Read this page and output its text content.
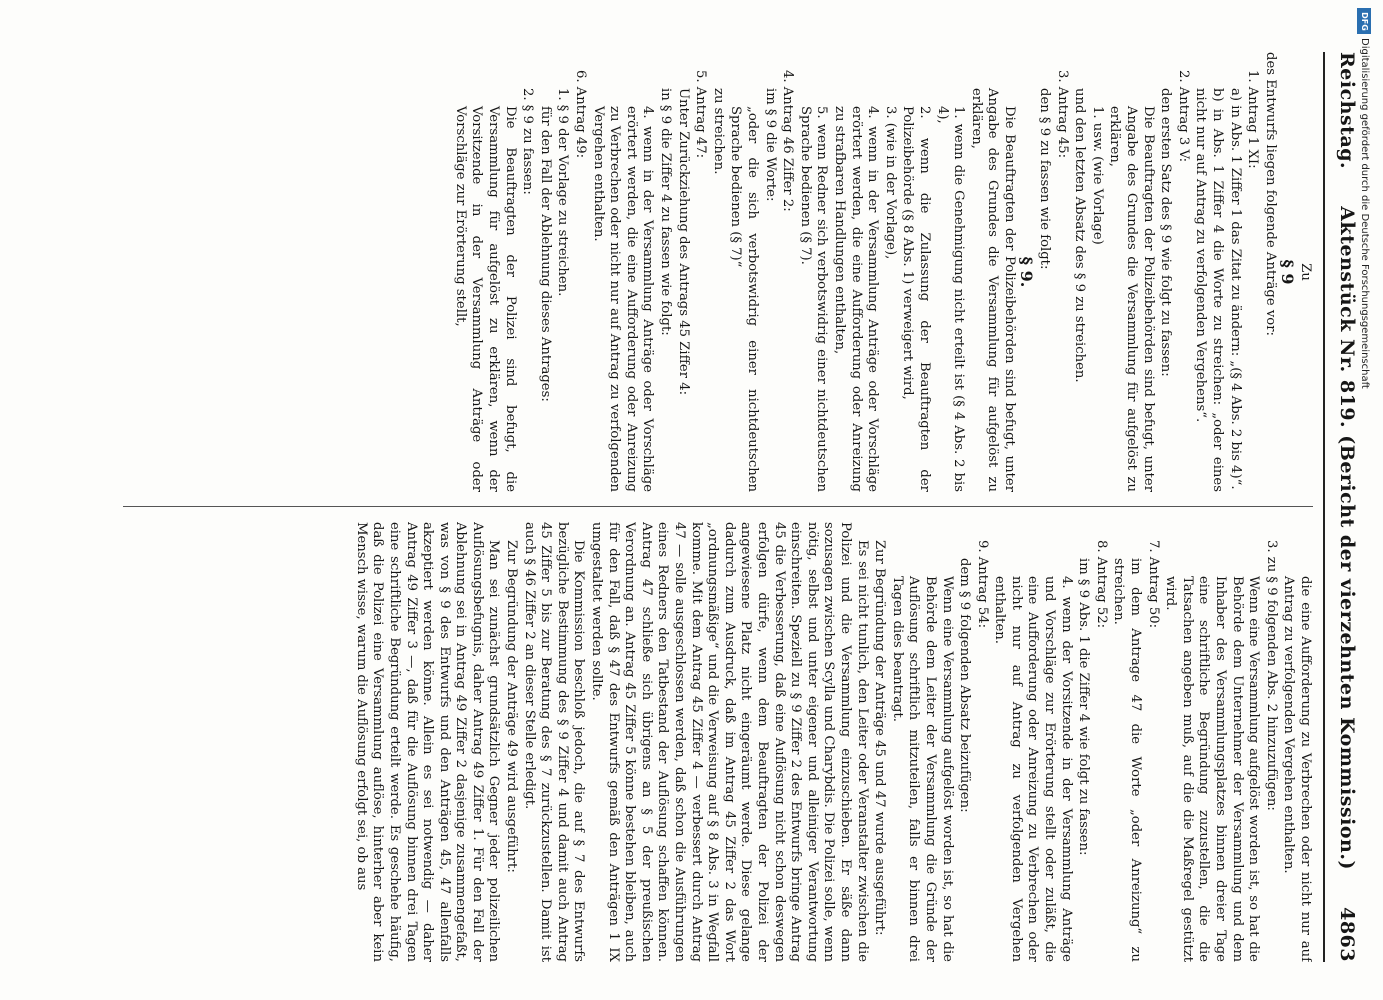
Reichstag.
Aktenstück Nr. 819. (Bericht der vierzehnten Kommission.)
4863

Zu

§ 9

des Entwurfs liegen folgende Anträge vor:

1. Antrag 1 XI:

a) in Abs. 1 Ziffer 1 das Zitat zu ändern: „(§ 4 Abs. 2 bis 4)“.

b) in Abs. 1 Ziffer 4 die Worte zu streichen: „oder eines nicht nur auf Antrag zu verfolgenden Vergehens“.

2. Antrag 3 V:

den ersten Satz des § 9 wie folgt zu fassen:

Die Beauftragten der Polizeibehörden sind befugt, unter Angabe des Grundes die Versammlung für aufgelöst zu erklären,

1. usw. (wie Vorlage)

und den letzten Absatz des § 9 zu streichen.

3. Antrag 45:

den § 9 zu fassen wie folgt:

§ 9.

Die Beauftragten der Polizeibehörden sind befugt, unter Angabe des Grundes die Versammlung für aufgelöst zu erklären,

1. wenn die Genehmigung nicht erteilt ist (§ 4 Abs. 2 bis 4),

2. wenn die Zulassung der Beauftragten der Polizeibehörde (§ 8 Abs. 1) verweigert wird,

3. (wie in der Vorlage),

4. wenn in der Versammlung Anträge oder Vorschläge erörtert werden, die eine Aufforderung oder Anreizung zu strafbaren Handlungen enthalten,

5. wenn Redner sich verbotswidrig einer nichtdeutschen Sprache bedienen (§ 7).

4. Antrag 46 Ziffer 2:

im § 9 die Worte:

„oder die sich verbotswidrig einer nichtdeutschen Sprache bedienen (§ 7)“

zu streichen.

5. Antrag 47:

Unter Zurückziehung des Antrags 45 Ziffer 4:

in § 9 die Ziffer 4 zu fassen wie folgt:

4. wenn in der Versammlung Anträge oder Vorschläge erörtert werden, die eine Aufforderung oder Anreizung zu Verbrechen oder nicht nur auf Antrag zu verfolgenden Vergehen enthalten.

6. Antrag 49:

1. § 9 der Vorlage zu streichen.

für den Fall der Ablehnung dieses Antrages:

2. § 9 zu fassen:

Die Beauftragten der Polizei sind befugt, die Versammlung für aufgelöst zu erklären, wenn der Vorsitzende in der Versammlung Anträge oder Vorschläge zur Erörterung stellt,

die eine Aufforderung zu Verbrechen oder nicht nur auf Antrag zu verfolgenden Vergehen enthalten.

3. zu § 9 folgenden Abs. 2 hinzuzufügen:

Wenn eine Versammlung aufgelöst worden ist, so hat die Behörde dem Unternehmer der Versammlung und dem Inhaber des Versammlungsplatzes binnen dreier Tage eine schriftliche Begründung zuzustellen, die die Tatsachen angeben muß, auf die die Maßregel gestützt wird.

7. Antrag 50:

im dem Antrage 47 die Worte „oder Anreizung“ zu streichen.

8. Antrag 52:

im § 9 Abs. 1 die Ziffer 4 wie folgt zu fassen:

4. wenn der Vorsitzende in der Versammlung Anträge und Vorschläge zur Erörterung stellt oder zuläßt, die eine Aufforderung oder Anreizung zu Verbrechen oder nicht nur auf Antrag zu verfolgenden Vergehen enthalten.

9. Antrag 54:

dem § 9 folgenden Absatz beizufügen:

Wenn eine Versammlung aufgelöst worden ist, so hat die Behörde dem Leiter der Versammlung die Gründe der Auflösung schriftlich mitzuteilen, falls er binnen drei Tagen dies beantragt.

Zur Begründung der Anträge 45 und 47 wurde ausgeführt:

Es sei nicht tunlich, den Leiter oder Veranstalter zwischen die Polizei und die Versammlung einzuschieben. Er säße dann sozusagen zwischen Scylla und Charybdis. Die Polizei solle, wenn nötig, selbst und unter eigener und alleiniger Verantwortung einschreiten. Speziell zu § 9 Ziffer 2 des Entwurfs bringe Antrag 45 die Verbesserung, daß eine Auflösung nicht schon deswegen erfolgen dürfe, wenn dem Beauftragten der Polizei der angewiesene Platz nicht eingeräumt werde. Diese gelange dadurch zum Ausdruck, daß im Antrag 45 Ziffer 2 das Wort „ordnungsmäßige“ und die Verweisung auf § 8 Abs. 3 in Wegfall komme. Mit dem Antrag 45 Ziffer 4 — verbessert durch Antrag 47 — solle ausgeschlossen werden, daß schon die Ausführungen eines Redners den Tatbestand der Auflösung schaffen können. Antrag 47 schließe sich übrigens an § 5 der preußischen Verordnung an. Antrag 45 Ziffer 5 könne bestehen bleiben, auch für den Fall, daß § 47 des Entwurfs gemäß den Anträgen 1 IX umgestaltet werden sollte.

Die Kommission beschloß jedoch, die auf § 7 des Entwurfs bezügliche Bestimmung des § 9 Ziffer 4 und damit auch Antrag 45 Ziffer 5 bis zur Beratung des § 7 zurückzustellen. Damit ist auch § 46 Ziffer 2 an dieser Stelle erledigt.

Zur Begründung der Anträge 49 wird ausgeführt:

Man sei zunächst grundsätzlich Gegner jeder polizeilichen Auflösungsbefugnis, daher Antrag 49 Ziffer 1. Für den Fall der Ablehnung sei in Antrag 49 Ziffer 2 dasjenige zusammengefaßt, was von § 9 des Entwurfs und den Anträgen 45, 47 allenfalls akzeptiert werden könne. Allein es sei notwendig — daher Antrag 49 Ziffer 3 —, daß für die Auflösung binnen drei Tagen eine schriftliche Begründung erteilt werde. Es geschehe häufig, daß die Polizei eine Versammlung auflöse, hinterher aber kein Mensch wisse, warum die Auflösung erfolgt sei, ob aus

DFG
Digitalisierung gefördert durch die Deutsche Forschungsgemeinschaft
